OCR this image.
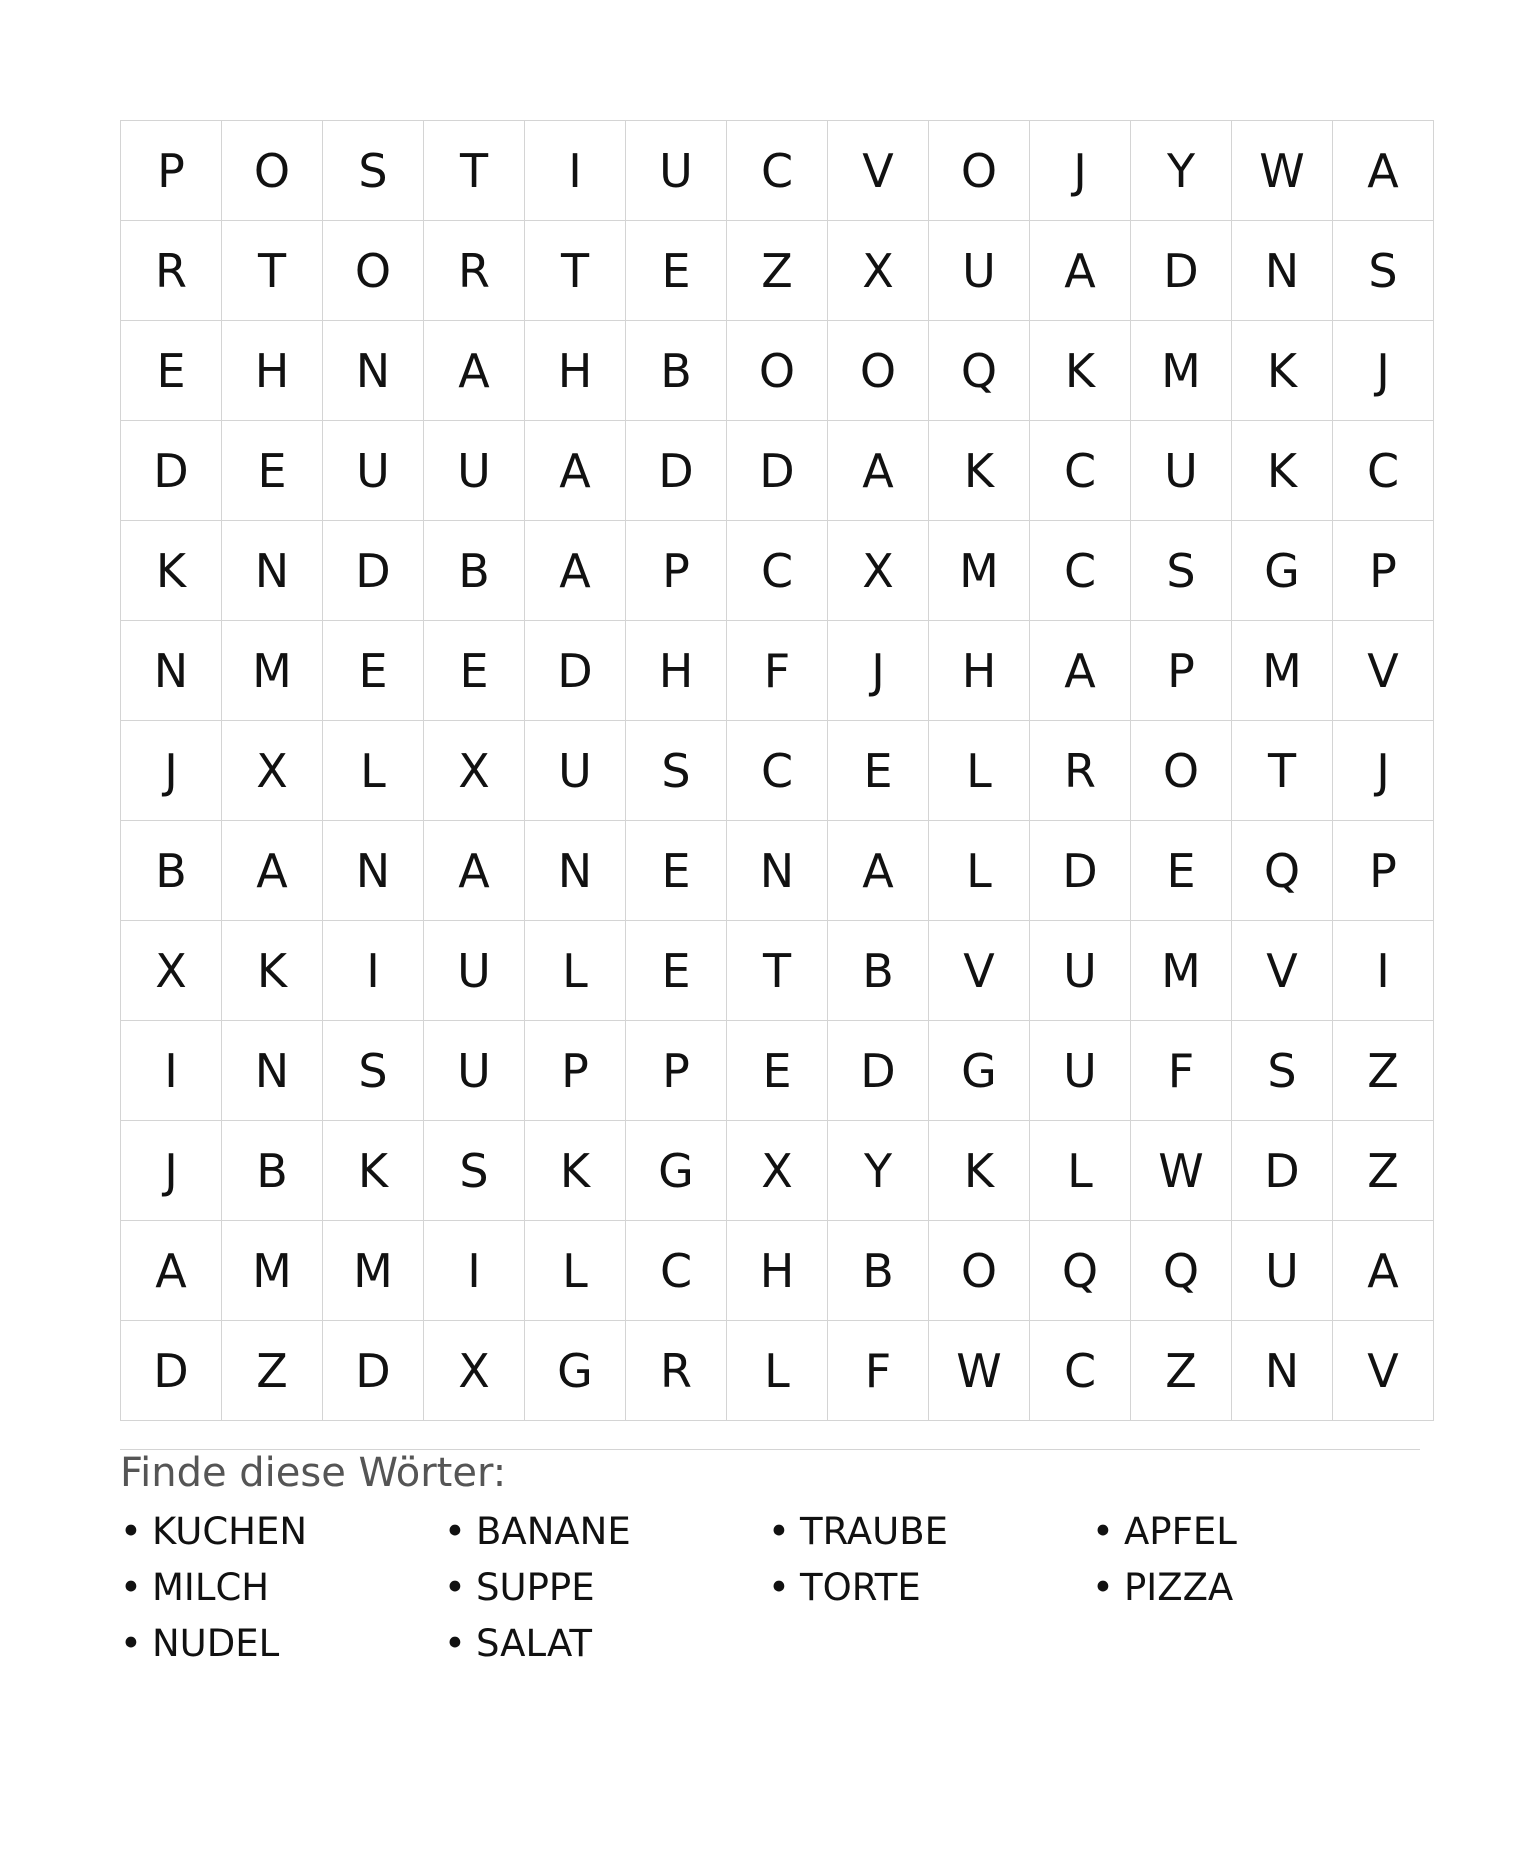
P	O	S	T	I	U	C	V	O	J	Y	W	A
R	T	O	R	T	E	Z	X	U	A	D	N	S
E	H	N	A	H	B	O	O	Q	K	M	K	J
D	E	U	U	A	D	D	A	K	C	U	K	C
K	N	D	B	A	P	C	X	M	C	S	G	P
N	M	E	E	D	H	F	J	H	A	P	M	V
J	X	L	X	U	S	C	E	L	R	O	T	J
B	A	N	A	N	E	N	A	L	D	E	Q	P
X	K	I	U	L	E	T	B	V	U	M	V	I
I	N	S	U	P	P	E	D	G	U	F	S	Z
J	B	K	S	K	G	X	Y	K	L	W	D	Z
A	M	M	I	L	C	H	B	O	Q	Q	U	A
D	Z	D	X	G	R	L	F	W	C	Z	N	V
Finde diese Wörter:
• KUCHEN	• BANANE	• TRAUBE	• APFEL
• MILCH	• SUPPE	• TORTE	• PIZZA
• NUDEL	• SALAT
